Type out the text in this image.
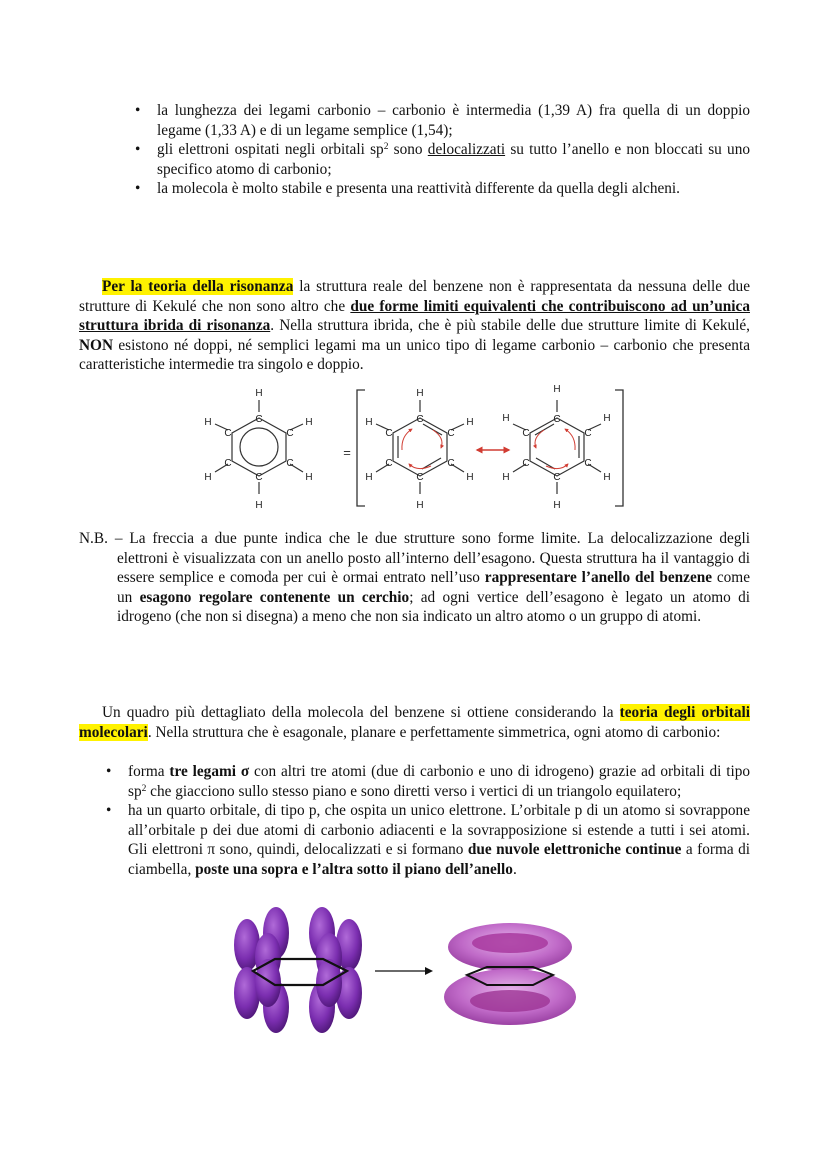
• la lunghezza dei legami carbonio – carbonio è intermedia (1,39 A) fra quella di un doppio legame (1,33 A) e di un legame semplice (1,54);
• gli elettroni ospitati negli orbitali $sp^2$ sono delocalizzati su tutto l’anello e non bloccati su uno specifico atomo di carbonio;
• la molecola è molto stabile e presenta una reattività differente da quella degli alcheni.
Per la teoria della risonanza la struttura reale del benzene non è rappresentata da nessuna delle due strutture di Kekulé che non sono altro che due forme limiti equivalenti che contribuiscono ad un’unica struttura ibrida di risonanza. Nella struttura ibrida, che è più stabile delle due strutture limite di Kekulé, NON esistono né doppi, né semplici legami ma un unico tipo di legame carbonio – carbonio che presenta caratteristiche intermedie tra singolo e doppio.
H
H
H	H
H	H
C
C
C	C
C	C
=
H
H
H	H
H	H
C
C
C	C
C	C
H
H
H	H
H	H
C
C
C	C
C	C
N.B. – La freccia a due punte indica che le due strutture sono forme limite. La delocalizzazione degli elettroni è visualizzata con un anello posto all’interno dell’esagono. Questa struttura ha il vantaggio di essere semplice e comoda per cui è ormai entrato nell’uso rappresentare l’anello del benzene come un esagono regolare contenente un cerchio; ad ogni vertice dell’esagono è legato un atomo di idrogeno (che non si disegna) a meno che non sia indicato un altro atomo o un gruppo di atomi.
Un quadro più dettagliato della molecola del benzene si ottiene considerando la teoria degli orbitali molecolari. Nella struttura che è esagonale, planare e perfettamente simmetrica, ogni atomo di carbonio:
• forma tre legami σ con altri tre atomi (due di carbonio e uno di idrogeno) grazie ad orbitali di tipo $sp^2$ che giacciono sullo stesso piano e sono diretti verso i vertici di un triangolo equilatero;
• ha un quarto orbitale, di tipo p, che ospita un unico elettrone. L’orbitale p di un atomo si sovrappone all’orbitale p dei due atomi di carbonio adiacenti e la sovrapposizione si estende a tutti i sei atomi. Gli elettroni π sono, quindi, delocalizzati e si formano due nuvole elettroniche continue a forma di ciambella, poste una sopra e l’altra sotto il piano dell’anello.
